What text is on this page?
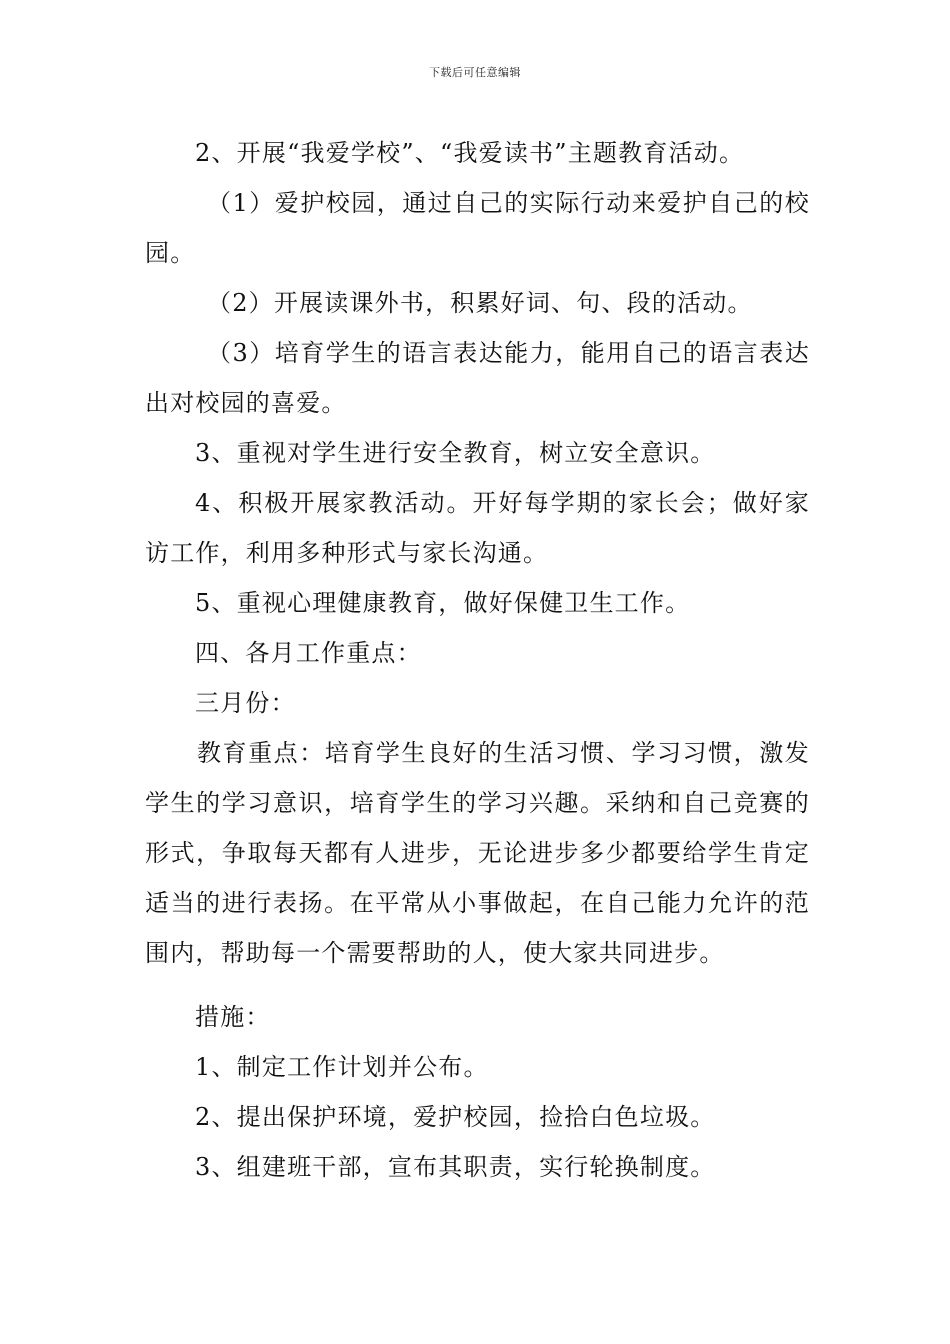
下载后可任意编辑

2、开展“我爱学校”、“我爱读书”主题教育活动。

（1）爱护校园，通过自己的实际行动来爱护自己的校园。

（2）开展读课外书，积累好词、句、段的活动。

（3）培育学生的语言表达能力，能用自己的语言表达出对校园的喜爱。

3、重视对学生进行安全教育，树立安全意识。

4、积极开展家教活动。开好每学期的家长会；做好家访工作，利用多种形式与家长沟通。

5、重视心理健康教育，做好保健卫生工作。

四、各月工作重点：

三月份：

教育重点：培育学生良好的生活习惯、学习习惯，激发学生的学习意识，培育学生的学习兴趣。采纳和自己竞赛的形式，争取每天都有人进步，无论进步多少都要给学生肯定适当的进行表扬。在平常从小事做起，在自己能力允许的范围内，帮助每一个需要帮助的人，使大家共同进步。

措施：

1、制定工作计划并公布。

2、提出保护环境，爱护校园，捡拾白色垃圾。

3、组建班干部，宣布其职责，实行轮换制度。
